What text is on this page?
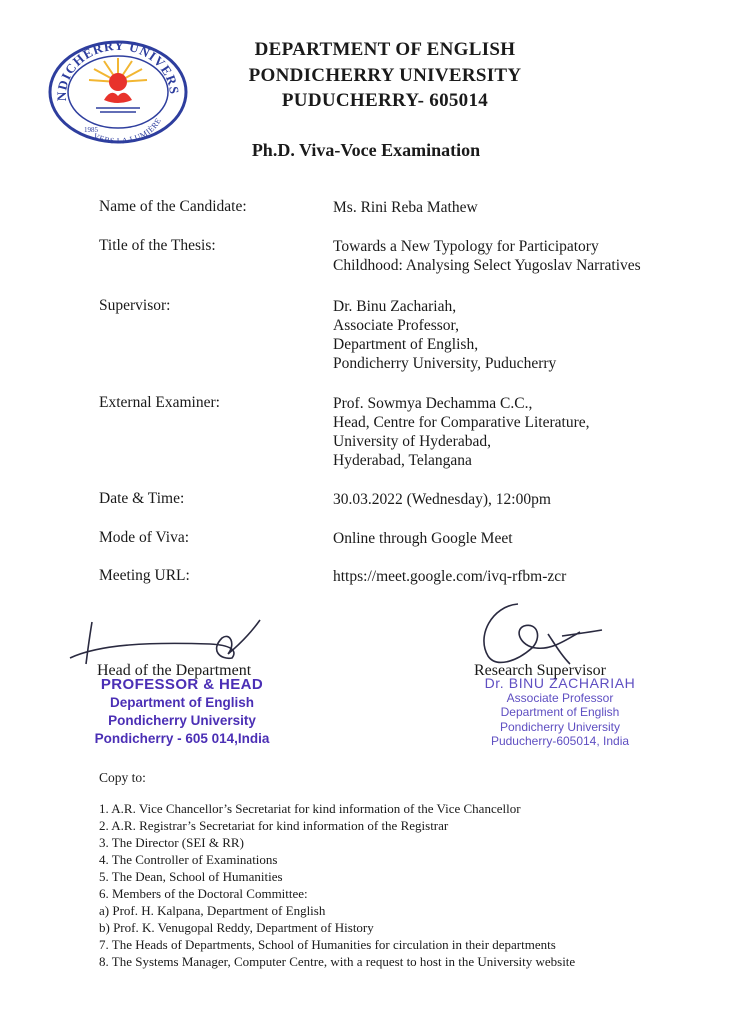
NDICHERRY UNIVERS
VERS LA LUMIÈRE
1985
DEPARTMENT OF ENGLISH
PONDICHERRY UNIVERSITY
PUDUCHERRY- 605014
Ph.D. Viva-Voce Examination
Name of the Candidate:	Ms. Rini Reba Mathew
Title of the Thesis:	Towards a New Typology for Participatory
Childhood: Analysing Select Yugoslav Narratives
Supervisor:	Dr. Binu Zachariah,
Associate Professor,
Department of English,
Pondicherry University, Puducherry
External Examiner:	Prof. Sowmya Dechamma C.C.,
Head, Centre for Comparative Literature,
University of Hyderabad,
Hyderabad, Telangana
Date & Time:	30.03.2022 (Wednesday), 12:00pm
Mode of Viva:	Online through Google Meet
Meeting URL:	https://meet.google.com/ivq-rfbm-zcr
Head of the Department
PROFESSOR & HEAD
Department of English
Pondicherry University
Pondicherry - 605 014,India
Research Supervisor
Dr. BINU ZACHARIAH
Associate Professor
Department of English
Pondicherry University
Puducherry-605014, India
Copy to:
1. A.R. Vice Chancellor’s Secretariat for kind information of the Vice Chancellor
2. A.R. Registrar’s Secretariat for kind information of the Registrar
3. The Director (SEI & RR)
4. The Controller of Examinations
5. The Dean, School of Humanities
6. Members of the Doctoral Committee:
a) Prof. H. Kalpana, Department of English
b) Prof. K. Venugopal Reddy, Department of History
7. The Heads of Departments, School of Humanities for circulation in their departments
8. The Systems Manager, Computer Centre, with a request to host in the University website
